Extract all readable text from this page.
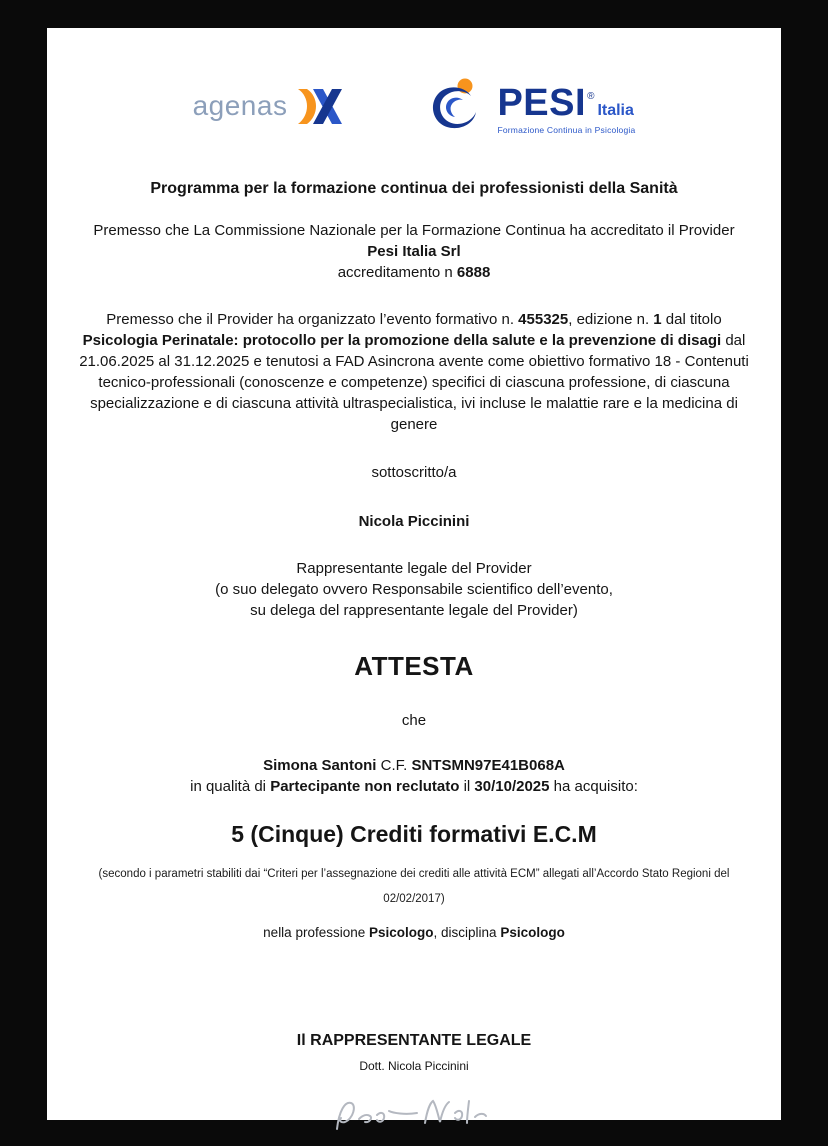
agenas	PESI ®
Italia
Formazione Continua in Psicologia
Programma per la formazione continua dei professionisti della Sanità
Premesso che La Commissione Nazionale per la Formazione Continua ha accreditato il Provider
Pesi Italia Srl
accreditamento n 6888
Premesso che il Provider ha organizzato l’evento formativo n. 455325, edizione n. 1 dal titolo Psicologia Perinatale: protocollo per la promozione della salute e la prevenzione di disagi dal 21.06.2025 al 31.12.2025 e tenutosi a FAD Asincrona avente come obiettivo formativo 18 - Contenuti tecnico-professionali (conoscenze e competenze) specifici di ciascuna professione, di ciascuna specializzazione e di ciascuna attività ultraspecialistica, ivi incluse le malattie rare e la medicina di genere
sottoscritto/a
Nicola Piccinini
Rappresentante legale del Provider
(o suo delegato ovvero Responsabile scientifico dell’evento,
su delega del rappresentante legale del Provider)
ATTESTA
che
Simona Santoni C.F. SNTSMN97E41B068A
in qualità di Partecipante non reclutato il 30/10/2025 ha acquisito:
5 (Cinque) Crediti formativi E.C.M
(secondo i parametri stabiliti dai “Criteri per l’assegnazione dei crediti alle attività ECM” allegati all’Accordo Stato Regioni del
02/02/2017)
nella professione Psicologo, disciplina Psicologo
Il RAPPRESENTANTE LEGALE
Dott. Nicola Piccinini
